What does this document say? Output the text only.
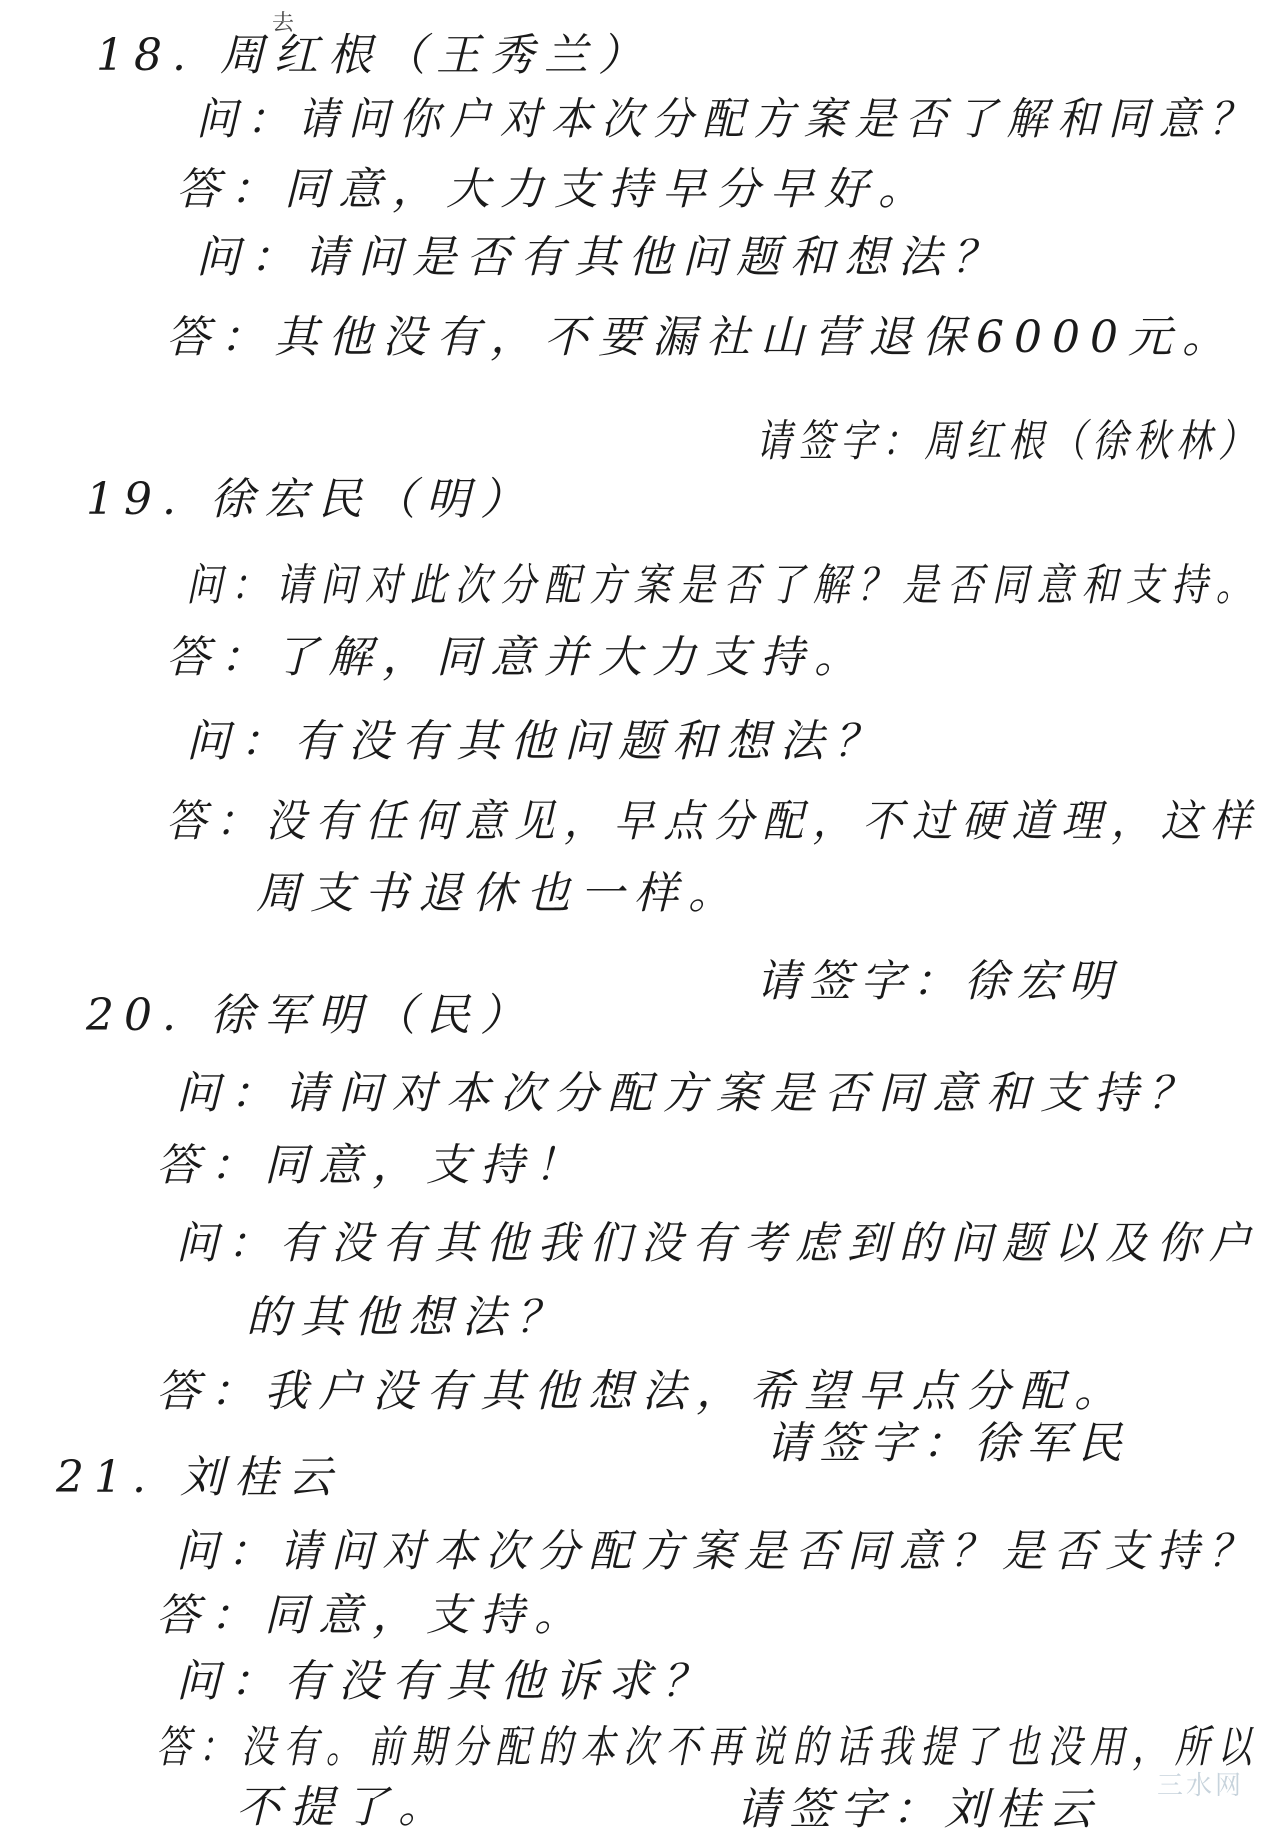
去
18. 周红根（王秀兰）
问：请问你户对本次分配方案是否了解和同意？
答：同意，大力支持早分早好。
问：请问是否有其他问题和想法？
答：其他没有，不要漏社山营退保6000元。
19. 徐宏民（明）
问：请问对此次分配方案是否了解？是否同意和支持。
答：了解，同意并大力支持。
问：有没有其他问题和想法？
答：没有任何意见，早点分配，不过硬道理，这样
周支书退休也一样。
20. 徐军明（民）
问：请问对本次分配方案是否同意和支持？
答：同意，支持！
问：有没有其他我们没有考虑到的问题以及你户
的其他想法？
答：我户没有其他想法，希望早点分配。
21. 刘桂云
问：请问对本次分配方案是否同意？是否支持？
答：同意，支持。
问：有没有其他诉求？
答：没有。前期分配的本次不再说的话我提了也没用，所以
不提了。
请签字：周红根（徐秋林）
请签字：徐宏明
请签字：徐军民
请签字：刘桂云 三水网
